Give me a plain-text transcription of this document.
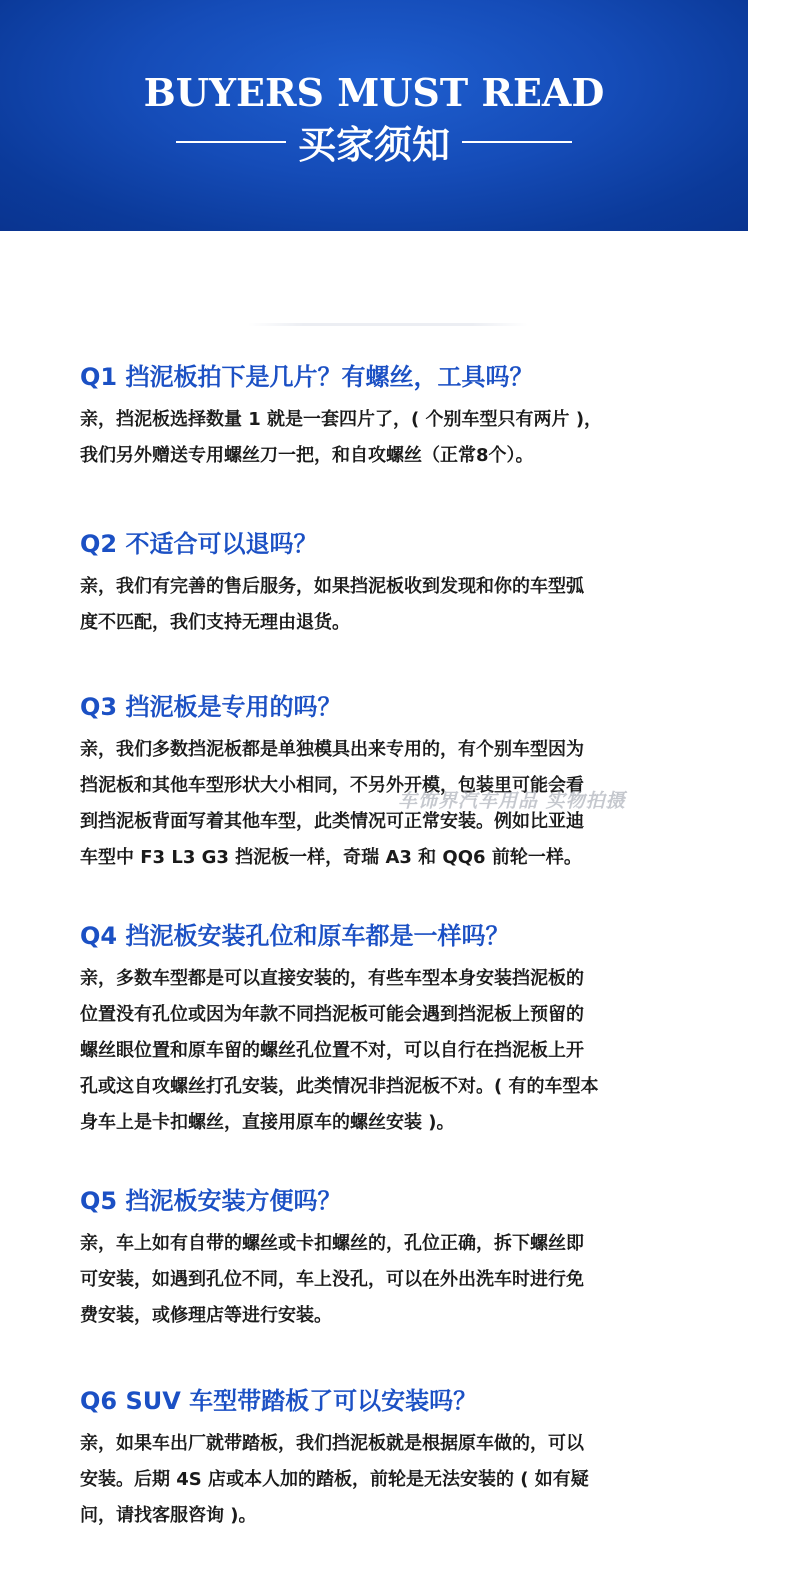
BUYERS MUST READ
买家须知

Q1 挡泥板拍下是几片？有螺丝，工具吗？

亲，挡泥板选择数量 1 就是一套四片了，( 个别车型只有两片 )，
我们另外赠送专用螺丝刀一把，和自攻螺丝（正常8个）。

Q2 不适合可以退吗？

亲，我们有完善的售后服务，如果挡泥板收到发现和你的车型弧
度不匹配，我们支持无理由退货。

Q3 挡泥板是专用的吗？

亲，我们多数挡泥板都是单独模具出来专用的，有个别车型因为
挡泥板和其他车型形状大小相同，不另外开模，包装里可能会看
到挡泥板背面写着其他车型，此类情况可正常安装。例如比亚迪
车型中 F3 L3 G3 挡泥板一样，奇瑞 A3 和 QQ6 前轮一样。
车饰界汽车用品 实物拍摄

Q4 挡泥板安装孔位和原车都是一样吗？

亲，多数车型都是可以直接安装的，有些车型本身安装挡泥板的
位置没有孔位或因为年款不同挡泥板可能会遇到挡泥板上预留的
螺丝眼位置和原车留的螺丝孔位置不对，可以自行在挡泥板上开
孔或这自攻螺丝打孔安装，此类情况非挡泥板不对。( 有的车型本
身车上是卡扣螺丝，直接用原车的螺丝安装 )。

Q5 挡泥板安装方便吗？

亲，车上如有自带的螺丝或卡扣螺丝的，孔位正确，拆下螺丝即
可安装，如遇到孔位不同，车上没孔，可以在外出洗车时进行免
费安装，或修理店等进行安装。

Q6 SUV 车型带踏板了可以安装吗？

亲，如果车出厂就带踏板，我们挡泥板就是根据原车做的，可以
安装。后期 4S 店或本人加的踏板，前轮是无法安装的 ( 如有疑
问，请找客服咨询 )。
